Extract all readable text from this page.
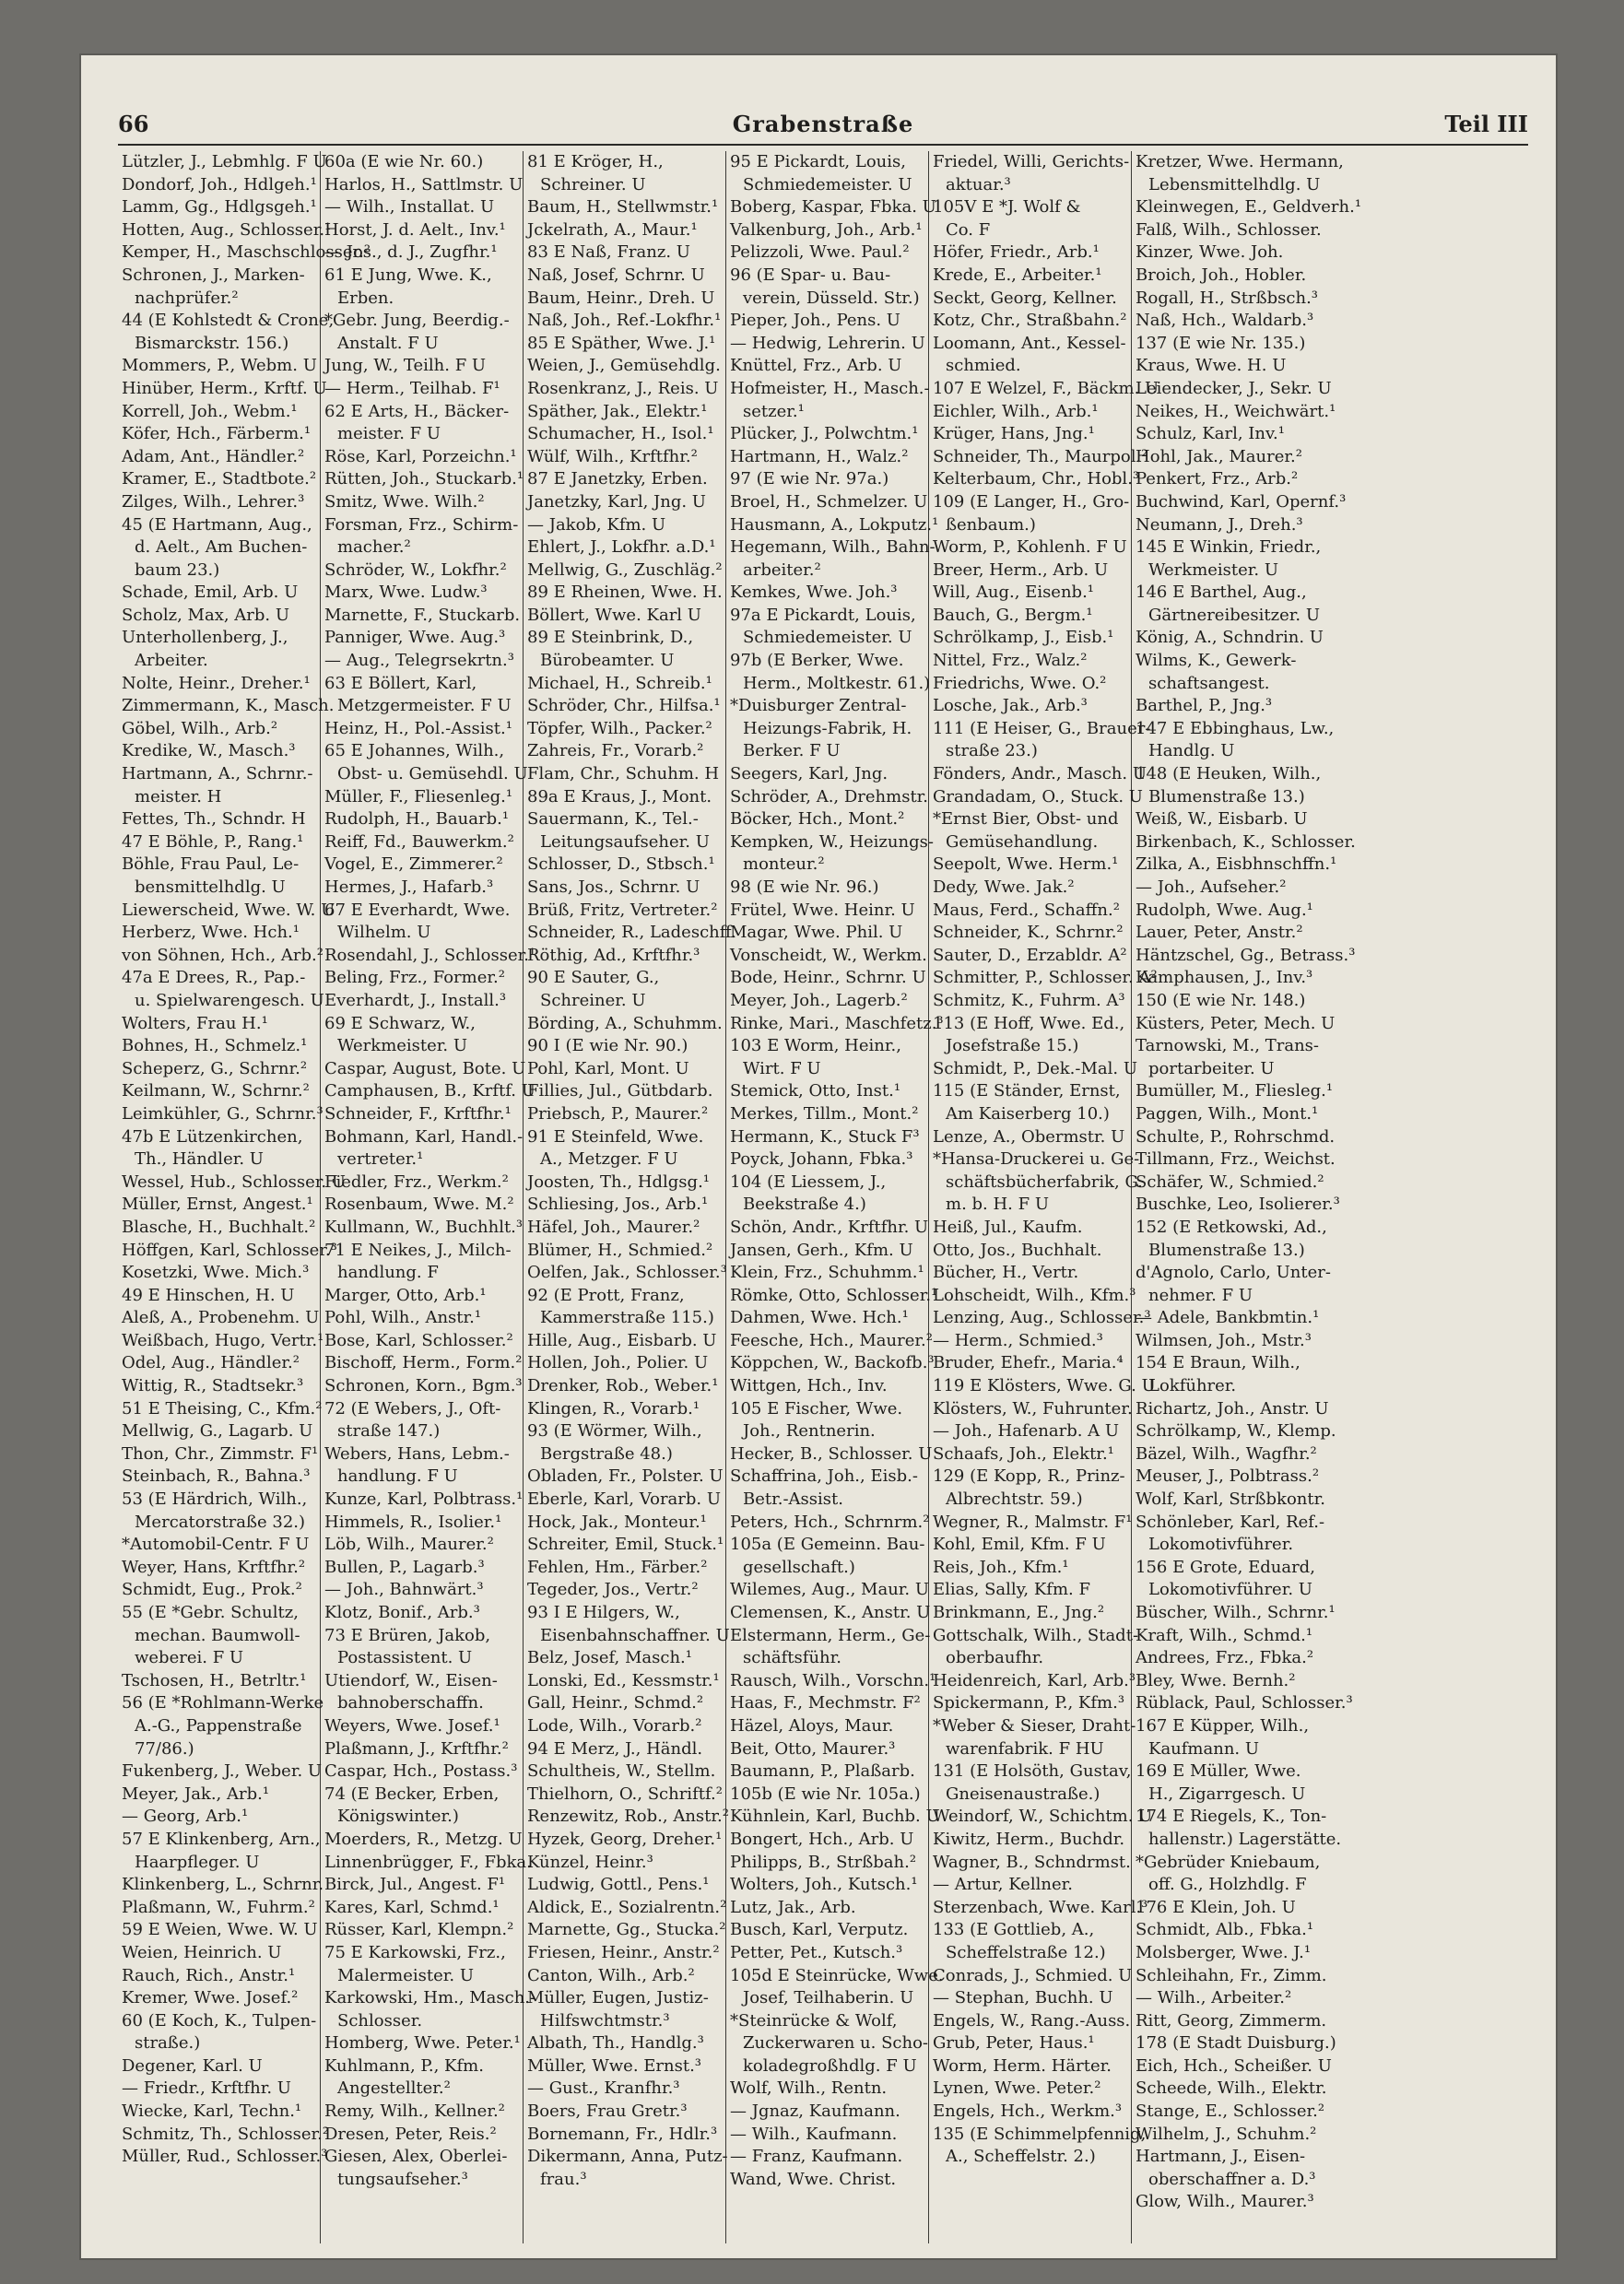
66	Grabenstraße	Teil III
Lützler, J., Lebmhlg. F U
Dondorf, Joh., Hdlgeh.¹
Lamm, Gg., Hdlgsgeh.¹
Hotten, Aug., Schlosser.¹
Kemper, H., Maschschlosser.²
Schronen, J., Marken-
nachprüfer.²
44 (E Kohlstedt & Crone,
Bismarckstr. 156.)
Mommers, P., Webm. U
Hinüber, Herm., Krftf. U
Korrell, Joh., Webm.¹
Köfer, Hch., Färberm.¹
Adam, Ant., Händler.²
Kramer, E., Stadtbote.²
Zilges, Wilh., Lehrer.³
45 (E Hartmann, Aug.,
d. Aelt., Am Buchen-
baum 23.)
Schade, Emil, Arb. U
Scholz, Max, Arb. U
Unterhollenberg, J.,
Arbeiter.
Nolte, Heinr., Dreher.¹
Zimmermann, K., Masch.
Göbel, Wilh., Arb.²
Kredike, W., Masch.³
Hartmann, A., Schrnr.-
meister. H
Fettes, Th., Schndr. H
47 E Böhle, P., Rang.¹
Böhle, Frau Paul, Le-
bensmittelhdlg. U
Liewerscheid, Wwe. W. U
Herberz, Wwe. Hch.¹
von Söhnen, Hch., Arb.²
47a E Drees, R., Pap.-
u. Spielwarengesch. U
Wolters, Frau H.¹
Bohnes, H., Schmelz.¹
Scheperz, G., Schrnr.²
Keilmann, W., Schrnr.²
Leimkühler, G., Schrnr.³
47b E Lützenkirchen,
Th., Händler. U
Wessel, Hub., Schlosser. U
Müller, Ernst, Angest.¹
Blasche, H., Buchhalt.²
Höffgen, Karl, Schlosser.³
Kosetzki, Wwe. Mich.³
49 E Hinschen, H. U
Aleß, A., Probenehm. U
Weißbach, Hugo, Vertr.¹
Odel, Aug., Händler.²
Wittig, R., Stadtsekr.³
51 E Theising, C., Kfm.²
Mellwig, G., Lagarb. U
Thon, Chr., Zimmstr. F¹
Steinbach, R., Bahna.³
53 (E Härdrich, Wilh.,
Mercatorstraße 32.)
*Automobil-Centr. F U
Weyer, Hans, Krftfhr.²
Schmidt, Eug., Prok.²
55 (E *Gebr. Schultz,
mechan. Baumwoll-
weberei. F U
Tschosen, H., Betrltr.¹
56 (E *Rohlmann-Werke
A.-G., Pappenstraße
77/86.)
Fukenberg, J., Weber. U
Meyer, Jak., Arb.¹
— Georg, Arb.¹
57 E Klinkenberg, Arn.,
Haarpfleger. U
Klinkenberg, L., Schrnr.
Plaßmann, W., Fuhrm.²
59 E Weien, Wwe. W. U
Weien, Heinrich. U
Rauch, Rich., Anstr.¹
Kremer, Wwe. Josef.²
60 (E Koch, K., Tulpen-
straße.)
Degener, Karl. U
— Friedr., Krftfhr. U
Wiecke, Karl, Techn.¹
Schmitz, Th., Schlosser.²
Müller, Rud., Schlosser.³
60a (E wie Nr. 60.)
Harlos, H., Sattlmstr. U
— Wilh., Installat. U
Horst, J. d. Aelt., Inv.¹
— Jos., d. J., Zugfhr.¹
61 E Jung, Wwe. K.,
Erben.
*Gebr. Jung, Beerdig.-
Anstalt. F U
Jung, W., Teilh. F U
— Herm., Teilhab. F¹
62 E Arts, H., Bäcker-
meister. F U
Röse, Karl, Porzeichn.¹
Rütten, Joh., Stuckarb.¹
Smitz, Wwe. Wilh.²
Forsman, Frz., Schirm-
macher.²
Schröder, W., Lokfhr.²
Marx, Wwe. Ludw.³
Marnette, F., Stuckarb.
Panniger, Wwe. Aug.³
— Aug., Telegrsekrtn.³
63 E Böllert, Karl,
Metzgermeister. F U
Heinz, H., Pol.-Assist.¹
65 E Johannes, Wilh.,
Obst- u. Gemüsehdl. U
Müller, F., Fliesenleg.¹
Rudolph, H., Bauarb.¹
Reiff, Fd., Bauwerkm.²
Vogel, E., Zimmerer.²
Hermes, J., Hafarb.³
67 E Everhardt, Wwe.
Wilhelm. U
Rosendahl, J., Schlosser.¹
Beling, Frz., Former.²
Everhardt, J., Install.³
69 E Schwarz, W.,
Werkmeister. U
Caspar, August, Bote. U
Camphausen, B., Krftf. U
Schneider, F., Krftfhr.¹
Bohmann, Karl, Handl.-
vertreter.¹
Fiedler, Frz., Werkm.²
Rosenbaum, Wwe. M.²
Kullmann, W., Buchhlt.³
71 E Neikes, J., Milch-
handlung. F
Marger, Otto, Arb.¹
Pohl, Wilh., Anstr.¹
Bose, Karl, Schlosser.²
Bischoff, Herm., Form.²
Schronen, Korn., Bgm.³
72 (E Webers, J., Oft-
straße 147.)
Webers, Hans, Lebm.-
handlung. F U
Kunze, Karl, Polbtrass.¹
Himmels, R., Isolier.¹
Löb, Wilh., Maurer.²
Bullen, P., Lagarb.³
— Joh., Bahnwärt.³
Klotz, Bonif., Arb.³
73 E Brüren, Jakob,
Postassistent. U
Utiendorf, W., Eisen-
bahnoberschaffn.
Weyers, Wwe. Josef.¹
Plaßmann, J., Krftfhr.²
Caspar, Hch., Postass.³
74 (E Becker, Erben,
Königswinter.)
Moerders, R., Metzg. U
Linnenbrügger, F., Fbka.
Birck, Jul., Angest. F¹
Kares, Karl, Schmd.¹
Rüsser, Karl, Klempn.²
75 E Karkowski, Frz.,
Malermeister. U
Karkowski, Hm., Masch.-
Schlosser.
Homberg, Wwe. Peter.¹
Kuhlmann, P., Kfm.
Angestellter.²
Remy, Wilh., Kellner.²
Dresen, Peter, Reis.²
Giesen, Alex, Oberlei-
tungsaufseher.³
81 E Kröger, H.,
Schreiner. U
Baum, H., Stellwmstr.¹
Jckelrath, A., Maur.¹
83 E Naß, Franz. U
Naß, Josef, Schrnr. U
Baum, Heinr., Dreh. U
Naß, Joh., Ref.-Lokfhr.¹
85 E Späther, Wwe. J.¹
Weien, J., Gemüsehdlg.
Rosenkranz, J., Reis. U
Späther, Jak., Elektr.¹
Schumacher, H., Isol.¹
Wülf, Wilh., Krftfhr.²
87 E Janetzky, Erben.
Janetzky, Karl, Jng. U
— Jakob, Kfm. U
Ehlert, J., Lokfhr. a.D.¹
Mellwig, G., Zuschläg.²
89 E Rheinen, Wwe. H.
Böllert, Wwe. Karl U
89 E Steinbrink, D.,
Bürobeamter. U
Michael, H., Schreib.¹
Schröder, Chr., Hilfsa.¹
Töpfer, Wilh., Packer.²
Zahreis, Fr., Vorarb.²
Flam, Chr., Schuhm. H
89a E Kraus, J., Mont.
Sauermann, K., Tel.-
Leitungsaufseher. U
Schlosser, D., Stbsch.¹
Sans, Jos., Schrnr. U
Brüß, Fritz, Vertreter.²
Schneider, R., Ladeschff.
Röthig, Ad., Krftfhr.³
90 E Sauter, G.,
Schreiner. U
Börding, A., Schuhmm.
90 I (E wie Nr. 90.)
Pohl, Karl, Mont. U
Fillies, Jul., Gütbdarb.
Priebsch, P., Maurer.²
91 E Steinfeld, Wwe.
A., Metzger. F U
Joosten, Th., Hdlgsg.¹
Schliesing, Jos., Arb.¹
Häfel, Joh., Maurer.²
Blümer, H., Schmied.²
Oelfen, Jak., Schlosser.³
92 (E Prott, Franz,
Kammerstraße 115.)
Hille, Aug., Eisbarb. U
Hollen, Joh., Polier. U
Drenker, Rob., Weber.¹
Klingen, R., Vorarb.¹
93 (E Wörmer, Wilh.,
Bergstraße 48.)
Obladen, Fr., Polster. U
Eberle, Karl, Vorarb. U
Hock, Jak., Monteur.¹
Schreiter, Emil, Stuck.¹
Fehlen, Hm., Färber.²
Tegeder, Jos., Vertr.²
93 I E Hilgers, W.,
Eisenbahnschaffner. U
Belz, Josef, Masch.¹
Lonski, Ed., Kessmstr.¹
Gall, Heinr., Schmd.²
Lode, Wilh., Vorarb.²
94 E Merz, J., Händl.
Schultheis, W., Stellm.
Thielhorn, O., Schriftf.²
Renzewitz, Rob., Anstr.²
Hyzek, Georg, Dreher.¹
Künzel, Heinr.³
Ludwig, Gottl., Pens.¹
Aldick, E., Sozialrentn.²
Marnette, Gg., Stucka.²
Friesen, Heinr., Anstr.²
Canton, Wilh., Arb.²
Müller, Eugen, Justiz-
Hilfswchtmstr.³
Albath, Th., Handlg.³
Müller, Wwe. Ernst.³
— Gust., Kranfhr.³
Boers, Frau Gretr.³
Bornemann, Fr., Hdlr.³
Dikermann, Anna, Putz-
frau.³
95 E Pickardt, Louis,
Schmiedemeister. U
Boberg, Kaspar, Fbka. U
Valkenburg, Joh., Arb.¹
Pelizzoli, Wwe. Paul.²
96 (E Spar- u. Bau-
verein, Düsseld. Str.)
Pieper, Joh., Pens. U
— Hedwig, Lehrerin. U
Knüttel, Frz., Arb. U
Hofmeister, H., Masch.-
setzer.¹
Plücker, J., Polwchtm.¹
Hartmann, H., Walz.²
97 (E wie Nr. 97a.)
Broel, H., Schmelzer. U
Hausmann, A., Lokputz.¹
Hegemann, Wilh., Bahn-
arbeiter.²
Kemkes, Wwe. Joh.³
97a E Pickardt, Louis,
Schmiedemeister. U
97b (E Berker, Wwe.
Herm., Moltkestr. 61.)
*Duisburger Zentral-
Heizungs-Fabrik, H.
Berker. F U
Seegers, Karl, Jng.
Schröder, A., Drehmstr.
Böcker, Hch., Mont.²
Kempken, W., Heizungs-
monteur.²
98 (E wie Nr. 96.)
Frütel, Wwe. Heinr. U
Magar, Wwe. Phil. U
Vonscheidt, W., Werkm.
Bode, Heinr., Schrnr. U
Meyer, Joh., Lagerb.²
Rinke, Mari., Maschfetz.³
103 E Worm, Heinr.,
Wirt. F U
Stemick, Otto, Inst.¹
Merkes, Tillm., Mont.²
Hermann, K., Stuck F³
Poyck, Johann, Fbka.³
104 (E Liessem, J.,
Beekstraße 4.)
Schön, Andr., Krftfhr. U
Jansen, Gerh., Kfm. U
Klein, Frz., Schuhmm.¹
Römke, Otto, Schlosser.¹
Dahmen, Wwe. Hch.¹
Feesche, Hch., Maurer.²
Köppchen, W., Backofb.³
Wittgen, Hch., Inv.
105 E Fischer, Wwe.
Joh., Rentnerin.
Hecker, B., Schlosser. U
Schaffrina, Joh., Eisb.-
Betr.-Assist.
Peters, Hch., Schrnrm.²
105a (E Gemeinn. Bau-
gesellschaft.)
Wilemes, Aug., Maur. U
Clemensen, K., Anstr. U
Elstermann, Herm., Ge-
schäftsführ.
Rausch, Wilh., Vorschn.¹
Haas, F., Mechmstr. F²
Häzel, Aloys, Maur.
Beit, Otto, Maurer.³
Baumann, P., Plaßarb.
105b (E wie Nr. 105a.)
Kühnlein, Karl, Buchb. U
Bongert, Hch., Arb. U
Philipps, B., Strßbah.²
Wolters, Joh., Kutsch.¹
Lutz, Jak., Arb.
Busch, Karl, Verputz.
Petter, Pet., Kutsch.³
105d E Steinrücke, Wwe.
Josef, Teilhaberin. U
*Steinrücke & Wolf,
Zuckerwaren u. Scho-
koladegroßhdlg. F U
Wolf, Wilh., Rentn.
— Jgnaz, Kaufmann.
— Wilh., Kaufmann.
— Franz, Kaufmann.
Wand, Wwe. Christ.
Friedel, Willi, Gerichts-
aktuar.³
105V E *J. Wolf &
Co. F
Höfer, Friedr., Arb.¹
Krede, E., Arbeiter.¹
Seckt, Georg, Kellner.
Kotz, Chr., Straßbahn.²
Loomann, Ant., Kessel-
schmied.
107 E Welzel, F., Bäckm. U
Eichler, Wilh., Arb.¹
Krüger, Hans, Jng.¹
Schneider, Th., Maurpol.²
Kelterbaum, Chr., Hobl.³
109 (E Langer, H., Gro-
ßenbaum.)
Worm, P., Kohlenh. F U
Breer, Herm., Arb. U
Will, Aug., Eisenb.¹
Bauch, G., Bergm.¹
Schrölkamp, J., Eisb.¹
Nittel, Frz., Walz.²
Friedrichs, Wwe. O.²
Losche, Jak., Arb.³
111 (E Heiser, G., Brauer-
straße 23.)
Fönders, Andr., Masch. U
Grandadam, O., Stuck. U
*Ernst Bier, Obst- und
Gemüsehandlung.
Seepolt, Wwe. Herm.¹
Dedy, Wwe. Jak.²
Maus, Ferd., Schaffn.²
Schneider, K., Schrnr.²
Sauter, D., Erzabldr. A²
Schmitter, P., Schlosser. A²
Schmitz, K., Fuhrm. A³
113 (E Hoff, Wwe. Ed.,
Josefstraße 15.)
Schmidt, P., Dek.-Mal. U
115 (E Ständer, Ernst,
Am Kaiserberg 10.)
Lenze, A., Obermstr. U
*Hansa-Druckerei u. Ge-
schäftsbücherfabrik, G.
m. b. H. F U
Heiß, Jul., Kaufm.
Otto, Jos., Buchhalt.
Bücher, H., Vertr.
Lohscheidt, Wilh., Kfm.³
Lenzing, Aug., Schlosser.³
— Herm., Schmied.³
Bruder, Ehefr., Maria.⁴
119 E Klösters, Wwe. G. U
Klösters, W., Fuhrunter.
— Joh., Hafenarb. A U
Schaafs, Joh., Elektr.¹
129 (E Kopp, R., Prinz-
Albrechtstr. 59.)
Wegner, R., Malmstr. F¹
Kohl, Emil, Kfm. F U
Reis, Joh., Kfm.¹
Elias, Sally, Kfm. F
Brinkmann, E., Jng.²
Gottschalk, Wilh., Stadt-
oberbaufhr.
Heidenreich, Karl, Arb.³
Spickermann, P., Kfm.³
*Weber & Sieser, Draht-
warenfabrik. F HU
131 (E Holsöth, Gustav,
Gneisenaustraße.)
Weindorf, W., Schichtm. U
Kiwitz, Herm., Buchdr.
Wagner, B., Schndrmst.
— Artur, Kellner.
Sterzenbach, Wwe. Karl.³
133 (E Gottlieb, A.,
Scheffelstraße 12.)
Conrads, J., Schmied. U
— Stephan, Buchh. U
Engels, W., Rang.-Auss.
Grub, Peter, Haus.¹
Worm, Herm. Härter.
Lynen, Wwe. Peter.²
Engels, Hch., Werkm.³
135 (E Schimmelpfennig,
A., Scheffelstr. 2.)
Kretzer, Wwe. Hermann,
Lebensmittelhdlg. U
Kleinwegen, E., Geldverh.¹
Falß, Wilh., Schlosser.
Kinzer, Wwe. Joh.
Broich, Joh., Hobler.
Rogall, H., Strßbsch.³
Naß, Hch., Waldarb.³
137 (E wie Nr. 135.)
Kraus, Wwe. H. U
Leiendecker, J., Sekr. U
Neikes, H., Weichwärt.¹
Schulz, Karl, Inv.¹
Hohl, Jak., Maurer.²
Penkert, Frz., Arb.²
Buchwind, Karl, Opernf.³
Neumann, J., Dreh.³
145 E Winkin, Friedr.,
Werkmeister. U
146 E Barthel, Aug.,
Gärtnereibesitzer. U
König, A., Schndrin. U
Wilms, K., Gewerk-
schaftsangest.
Barthel, P., Jng.³
147 E Ebbinghaus, Lw.,
Handlg. U
148 (E Heuken, Wilh.,
Blumenstraße 13.)
Weiß, W., Eisbarb. U
Birkenbach, K., Schlosser.
Zilka, A., Eisbhnschffn.¹
— Joh., Aufseher.²
Rudolph, Wwe. Aug.¹
Lauer, Peter, Anstr.²
Häntzschel, Gg., Betrass.³
Kamphausen, J., Inv.³
150 (E wie Nr. 148.)
Küsters, Peter, Mech. U
Tarnowski, M., Trans-
portarbeiter. U
Bumüller, M., Fliesleg.¹
Paggen, Wilh., Mont.¹
Schulte, P., Rohrschmd.
Tillmann, Frz., Weichst.
Schäfer, W., Schmied.²
Buschke, Leo, Isolierer.³
152 (E Retkowski, Ad.,
Blumenstraße 13.)
d'Agnolo, Carlo, Unter-
nehmer. F U
— Adele, Bankbmtin.¹
Wilmsen, Joh., Mstr.³
154 E Braun, Wilh.,
Lokführer.
Richartz, Joh., Anstr. U
Schrölkamp, W., Klemp.
Bäzel, Wilh., Wagfhr.²
Meuser, J., Polbtrass.²
Wolf, Karl, Strßbkontr.
Schönleber, Karl, Ref.-
Lokomotivführer.
156 E Grote, Eduard,
Lokomotivführer. U
Büscher, Wilh., Schrnr.¹
Kraft, Wilh., Schmd.¹
Andrees, Frz., Fbka.²
Bley, Wwe. Bernh.²
Rüblack, Paul, Schlosser.³
167 E Küpper, Wilh.,
Kaufmann. U
169 E Müller, Wwe.
H., Zigarrgesch. U
174 E Riegels, K., Ton-
hallenstr.) Lagerstätte.
*Gebrüder Kniebaum,
off. G., Holzhdlg. F
176 E Klein, Joh. U
Schmidt, Alb., Fbka.¹
Molsberger, Wwe. J.¹
Schleihahn, Fr., Zimm.
— Wilh., Arbeiter.²
Ritt, Georg, Zimmerm.
178 (E Stadt Duisburg.)
Eich, Hch., Scheißer. U
Scheede, Wilh., Elektr.
Stange, E., Schlosser.²
Wilhelm, J., Schuhm.²
Hartmann, J., Eisen-
oberschaffner a. D.³
Glow, Wilh., Maurer.³
